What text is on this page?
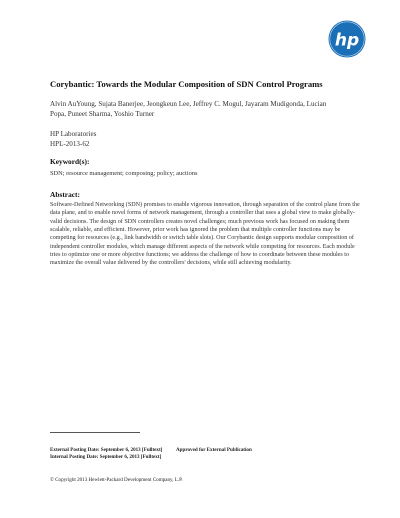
hp
Corybantic: Towards the Modular Composition of SDN Control Programs
Alvin AuYoung, Sujata Banerjee, Jeongkeun Lee, Jeffrey C. Mogul, Jayaram Mudigonda, Lucian
Popa, Puneet Sharma, Yoshio Turner
HP Laboratories
HPL-2013-62
Keyword(s):
SDN; resource management; composing; policy; auctions
Abstract:
Software-Defined Networking (SDN) promises to enable vigorous innovation, through separation of the control plane from the data plane, and to enable novel forms of network management, through a controller that uses a global view to make globally-valid decisions. The design of SDN controllers creates novel challenges; much previous work has focused on making them scalable, reliable, and efficient. However, prior work has ignored the problem that multiple controller functions may be competing for resources (e.g., link bandwidth or switch table slots). Our Corybantic design supports modular composition of independent controller modules, which manage different aspects of the network while competing for resources. Each module tries to optimize one or more objective functions; we address the challenge of how to coordinate between these modules to maximize the overall value delivered by the controllers' decisions, while still achieving modularity.
External Posting Date: September 6, 2013 [Fulltext]	Approved for External Publication
Internal Posting Date: September 6, 2013 [Fulltext]
© Copyright 2013 Hewlett-Packard Development Company, L.P.
